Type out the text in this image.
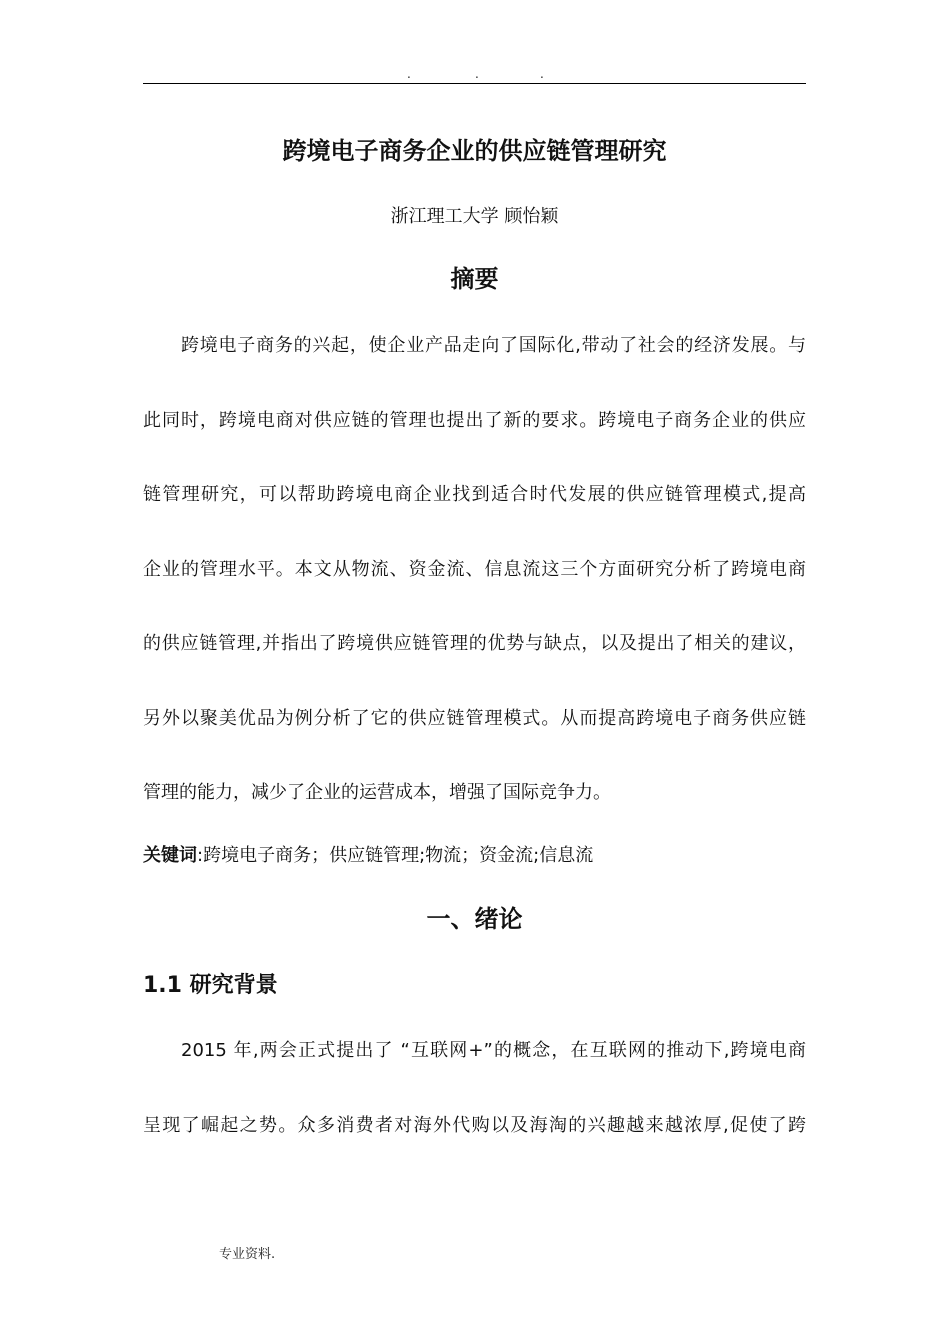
.	.	.
跨境电子商务企业的供应链管理研究

浙江理工大学 顾怡颖

摘要
跨境电子商务的兴起，使企业产品走向了国际化,带动了社会的经济发展。与
此同时，跨境电商对供应链的管理也提出了新的要求。跨境电子商务企业的供应
链管理研究，可以帮助跨境电商企业找到适合时代发展的供应链管理模式,提高
企业的管理水平。本文从物流、资金流、信息流这三个方面研究分析了跨境电商
的供应链管理,并指出了跨境供应链管理的优势与缺点，以及提出了相关的建议，
另外以聚美优品为例分析了它的供应链管理模式。从而提高跨境电子商务供应链
管理的能力，减少了企业的运营成本，增强了国际竞争力。

关键词:跨境电子商务；供应链管理;物流；资金流;信息流

一、绪论
1.1 研究背景
2015 年,两会正式提出了 “互联网+”的概念，在互联网的推动下,跨境电商
呈现了崛起之势。众多消费者对海外代购以及海淘的兴趣越来越浓厚,促使了跨
专业资料.
